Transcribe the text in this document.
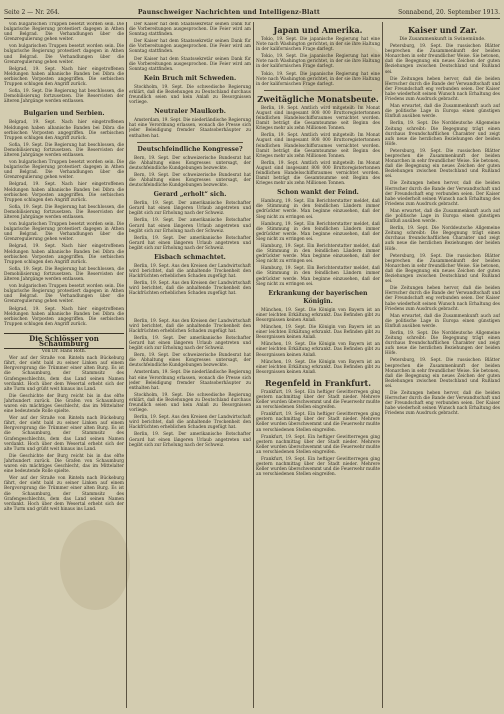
Seite 2 — Nr. 264.	Paunschweiger Nachrichten und Intelligenz-Blatt	Sonnabend, 20. September 1913.

von bulgarischen Truppen besetzt worden sein. Die bulgarische Regierung protestiert dagegen in Athen und Belgrad. Die Verhandlungen über die Grenzregulierung gehen weiter.

von bulgarischen Truppen besetzt worden sein. Die bulgarische Regierung protestiert dagegen in Athen und Belgrad. Die Verhandlungen über die Grenzregulierung gehen weiter.

Belgrad, 19. Sept. Nach hier eingetroffenen Meldungen haben albanische Banden bei Dibra die serbischen Vorposten angegriffen. Die serbischen Truppen schlugen den Angriff zurück.

Sofia, 19. Sept. Die Regierung hat beschlossen, die Demobilisierung fortzusetzen. Die Reservisten der älteren Jahrgänge werden entlassen.

Bulgarien und Serbien.

Belgrad, 19. Sept. Nach hier eingetroffenen Meldungen haben albanische Banden bei Dibra die serbischen Vorposten angegriffen. Die serbischen Truppen schlugen den Angriff zurück.

Sofia, 19. Sept. Die Regierung hat beschlossen, die Demobilisierung fortzusetzen. Die Reservisten der älteren Jahrgänge werden entlassen.

von bulgarischen Truppen besetzt worden sein. Die bulgarische Regierung protestiert dagegen in Athen und Belgrad. Die Verhandlungen über die Grenzregulierung gehen weiter.

Belgrad, 19. Sept. Nach hier eingetroffenen Meldungen haben albanische Banden bei Dibra die serbischen Vorposten angegriffen. Die serbischen Truppen schlugen den Angriff zurück.

Sofia, 19. Sept. Die Regierung hat beschlossen, die Demobilisierung fortzusetzen. Die Reservisten der älteren Jahrgänge werden entlassen.

von bulgarischen Truppen besetzt worden sein. Die bulgarische Regierung protestiert dagegen in Athen und Belgrad. Die Verhandlungen über die Grenzregulierung gehen weiter.

Belgrad, 19. Sept. Nach hier eingetroffenen Meldungen haben albanische Banden bei Dibra die serbischen Vorposten angegriffen. Die serbischen Truppen schlugen den Angriff zurück.

Sofia, 19. Sept. Die Regierung hat beschlossen, die Demobilisierung fortzusetzen. Die Reservisten der älteren Jahrgänge werden entlassen.

von bulgarischen Truppen besetzt worden sein. Die bulgarische Regierung protestiert dagegen in Athen und Belgrad. Die Verhandlungen über die Grenzregulierung gehen weiter.

Belgrad, 19. Sept. Nach hier eingetroffenen Meldungen haben albanische Banden bei Dibra die serbischen Vorposten angegriffen. Die serbischen Truppen schlugen den Angriff zurück.

Die Schlösser von Schaumburg
Von Dr. Hans Roth.

Wer auf der Straße von Rinteln nach Bückeburg fährt, der sieht bald zu seiner Linken auf einem Bergvorsprung die Trümmer einer alten Burg. Es ist die Schaumburg, der Stammsitz des Grafengeschlechts, dem das Land seinen Namen verdankt. Hoch über dem Wesertal erhebt sich der alte Turm und grüßt weit hinaus ins Land.

Die Geschichte der Burg reicht bis in das elfte Jahrhundert zurück. Die Grafen von Schaumburg waren ein mächtiges Geschlecht, das im Mittelalter eine bedeutende Rolle spielte.

Wer auf der Straße von Rinteln nach Bückeburg fährt, der sieht bald zu seiner Linken auf einem Bergvorsprung die Trümmer einer alten Burg. Es ist die Schaumburg, der Stammsitz des Grafengeschlechts, dem das Land seinen Namen verdankt. Hoch über dem Wesertal erhebt sich der alte Turm und grüßt weit hinaus ins Land.

Die Geschichte der Burg reicht bis in das elfte Jahrhundert zurück. Die Grafen von Schaumburg waren ein mächtiges Geschlecht, das im Mittelalter eine bedeutende Rolle spielte.

Wer auf der Straße von Rinteln nach Bückeburg fährt, der sieht bald zu seiner Linken auf einem Bergvorsprung die Trümmer einer alten Burg. Es ist die Schaumburg, der Stammsitz des Grafengeschlechts, dem das Land seinen Namen verdankt. Hoch über dem Wesertal erhebt sich der alte Turm und grüßt weit hinaus ins Land.

Der Kaiser hat dem Staatssekretär seinen Dank für die Vorbereitungen ausgesprochen. Die Feier wird am Sonntag stattfinden.

Der Kaiser hat dem Staatssekretär seinen Dank für die Vorbereitungen ausgesprochen. Die Feier wird am Sonntag stattfinden.

Der Kaiser hat dem Staatssekretär seinen Dank für die Vorbereitungen ausgesprochen. Die Feier wird am Sonntag stattfinden.

Kein Bruch mit Schweden.

Stockholm, 19. Sept. Die schwedische Regierung erklärt, daß die Beziehungen zu Deutschland durchaus freundlich seien und kein Anlaß zu Besorgnissen vorliege.

Neutraler Maulkorb.

Amsterdam, 19. Sept. Die niederländische Regierung hat eine Verordnung erlassen, wonach die Presse sich jeder Beleidigung fremder Staatsoberhäupter zu enthalten hat.

Deutschfeindliche Kongresse?

Bern, 19. Sept. Der schweizerische Bundesrat hat die Abhaltung eines Kongresses untersagt, der deutschfeindliche Kundgebungen bezweckte.

Bern, 19. Sept. Der schweizerische Bundesrat hat die Abhaltung eines Kongresses untersagt, der deutschfeindliche Kundgebungen bezweckte.

Gerard „erholt“ sich.

Berlin, 19. Sept. Der amerikanische Botschafter Gerard hat einen längeren Urlaub angetreten und begibt sich zur Erholung nach der Schweiz.

Berlin, 19. Sept. Der amerikanische Botschafter Gerard hat einen längeren Urlaub angetreten und begibt sich zur Erholung nach der Schweiz.

Berlin, 19. Sept. Der amerikanische Botschafter Gerard hat einen längeren Urlaub angetreten und begibt sich zur Erholung nach der Schweiz.

Eisbach schmachtet.

Berlin, 19. Sept. Aus den Kreisen der Landwirtschaft wird berichtet, daß die anhaltende Trockenheit den Hackfrüchten erheblichen Schaden zugefügt hat.

Berlin, 19. Sept. Aus den Kreisen der Landwirtschaft wird berichtet, daß die anhaltende Trockenheit den Hackfrüchten erheblichen Schaden zugefügt hat.

Berlin, 19. Sept. Aus den Kreisen der Landwirtschaft wird berichtet, daß die anhaltende Trockenheit den Hackfrüchten erheblichen Schaden zugefügt hat.

Berlin, 19. Sept. Der amerikanische Botschafter Gerard hat einen längeren Urlaub angetreten und begibt sich zur Erholung nach der Schweiz.

Bern, 19. Sept. Der schweizerische Bundesrat hat die Abhaltung eines Kongresses untersagt, der deutschfeindliche Kundgebungen bezweckte.

Amsterdam, 19. Sept. Die niederländische Regierung hat eine Verordnung erlassen, wonach die Presse sich jeder Beleidigung fremder Staatsoberhäupter zu enthalten hat.

Stockholm, 19. Sept. Die schwedische Regierung erklärt, daß die Beziehungen zu Deutschland durchaus freundlich seien und kein Anlaß zu Besorgnissen vorliege.

Berlin, 19. Sept. Aus den Kreisen der Landwirtschaft wird berichtet, daß die anhaltende Trockenheit den Hackfrüchten erheblichen Schaden zugefügt hat.

Berlin, 19. Sept. Der amerikanische Botschafter Gerard hat einen längeren Urlaub angetreten und begibt sich zur Erholung nach der Schweiz.

Japan und Amerika.

Tokio, 19. Sept. Die japanische Regierung hat eine Note nach Washington gerichtet, in der sie ihre Haltung in der kalifornischen Frage darlegt.

Tokio, 19. Sept. Die japanische Regierung hat eine Note nach Washington gerichtet, in der sie ihre Haltung in der kalifornischen Frage darlegt.

Tokio, 19. Sept. Die japanische Regierung hat eine Note nach Washington gerichtet, in der sie ihre Haltung in der kalifornischen Frage darlegt.

Zweitägliche Monatsbeute.

Berlin, 19. Sept. Amtlich wird mitgeteilt: Im Monat August sind insgesamt 808 000 Bruttoregistertonnen feindlichen Handelsschiffsraumes vernichtet worden. Damit beträgt die Gesamtsumme seit Beginn des Krieges mehr als zehn Millionen Tonnen.

Berlin, 19. Sept. Amtlich wird mitgeteilt: Im Monat August sind insgesamt 808 000 Bruttoregistertonnen feindlichen Handelsschiffsraumes vernichtet worden. Damit beträgt die Gesamtsumme seit Beginn des Krieges mehr als zehn Millionen Tonnen.

Berlin, 19. Sept. Amtlich wird mitgeteilt: Im Monat August sind insgesamt 808 000 Bruttoregistertonnen feindlichen Handelsschiffsraumes vernichtet worden. Damit beträgt die Gesamtsumme seit Beginn des Krieges mehr als zehn Millionen Tonnen.

Schon wankt der Feind.

Hamburg, 19. Sept. Ein Berichterstatter meldet, daß die Stimmung in den feindlichen Ländern immer gedrückter werde. Man beginne einzusehen, daß der Sieg nicht zu erringen sei.

Hamburg, 19. Sept. Ein Berichterstatter meldet, daß die Stimmung in den feindlichen Ländern immer gedrückter werde. Man beginne einzusehen, daß der Sieg nicht zu erringen sei.

Hamburg, 19. Sept. Ein Berichterstatter meldet, daß die Stimmung in den feindlichen Ländern immer gedrückter werde. Man beginne einzusehen, daß der Sieg nicht zu erringen sei.

Hamburg, 19. Sept. Ein Berichterstatter meldet, daß die Stimmung in den feindlichen Ländern immer gedrückter werde. Man beginne einzusehen, daß der Sieg nicht zu erringen sei.

Erkrankung der bayerischen Königin.

München, 19. Sept. Die Königin von Bayern ist an einer leichten Erkältung erkrankt. Das Befinden gibt zu Besorgnissen keinen Anlaß.

München, 19. Sept. Die Königin von Bayern ist an einer leichten Erkältung erkrankt. Das Befinden gibt zu Besorgnissen keinen Anlaß.

München, 19. Sept. Die Königin von Bayern ist an einer leichten Erkältung erkrankt. Das Befinden gibt zu Besorgnissen keinen Anlaß.

München, 19. Sept. Die Königin von Bayern ist an einer leichten Erkältung erkrankt. Das Befinden gibt zu Besorgnissen keinen Anlaß.

Regenfeld in Frankfurt.

Frankfurt, 19. Sept. Ein heftiger Gewitterregen ging gestern nachmittag über der Stadt nieder. Mehrere Keller wurden überschwemmt und die Feuerwehr mußte an verschiedenen Stellen eingreifen.

Frankfurt, 19. Sept. Ein heftiger Gewitterregen ging gestern nachmittag über der Stadt nieder. Mehrere Keller wurden überschwemmt und die Feuerwehr mußte an verschiedenen Stellen eingreifen.

Frankfurt, 19. Sept. Ein heftiger Gewitterregen ging gestern nachmittag über der Stadt nieder. Mehrere Keller wurden überschwemmt und die Feuerwehr mußte an verschiedenen Stellen eingreifen.

Frankfurt, 19. Sept. Ein heftiger Gewitterregen ging gestern nachmittag über der Stadt nieder. Mehrere Keller wurden überschwemmt und die Feuerwehr mußte an verschiedenen Stellen eingreifen.

Kaiser und Zar.
Die Zusammenkunft in Swinemünde.

Petersburg, 19. Sept. Die russischen Blätter besprechen die Zusammenkunft der beiden Monarchen in sehr freundlicher Weise. Sie betonen, daß die Begegnung ein neues Zeichen der guten Beziehungen zwischen Deutschland und Rußland sei.

Die Zeitungen heben hervor, daß die beiden Herrscher durch die Bande der Verwandtschaft und der Freundschaft eng verbunden seien. Der Kaiser habe wiederholt seinen Wunsch nach Erhaltung des Friedens zum Ausdruck gebracht.

Man erwartet, daß die Zusammenkunft auch auf die politische Lage in Europa einen günstigen Einfluß ausüben werde.

Berlin, 19. Sept. Die Norddeutsche Allgemeine Zeitung schreibt: Die Begegnung trägt einen durchaus freundschaftlichen Charakter und zeigt aufs neue die herzlichen Beziehungen der beiden Höfe.

Petersburg, 19. Sept. Die russischen Blätter besprechen die Zusammenkunft der beiden Monarchen in sehr freundlicher Weise. Sie betonen, daß die Begegnung ein neues Zeichen der guten Beziehungen zwischen Deutschland und Rußland sei.

Die Zeitungen heben hervor, daß die beiden Herrscher durch die Bande der Verwandtschaft und der Freundschaft eng verbunden seien. Der Kaiser habe wiederholt seinen Wunsch nach Erhaltung des Friedens zum Ausdruck gebracht.

Man erwartet, daß die Zusammenkunft auch auf die politische Lage in Europa einen günstigen Einfluß ausüben werde.

Berlin, 19. Sept. Die Norddeutsche Allgemeine Zeitung schreibt: Die Begegnung trägt einen durchaus freundschaftlichen Charakter und zeigt aufs neue die herzlichen Beziehungen der beiden Höfe.

Petersburg, 19. Sept. Die russischen Blätter besprechen die Zusammenkunft der beiden Monarchen in sehr freundlicher Weise. Sie betonen, daß die Begegnung ein neues Zeichen der guten Beziehungen zwischen Deutschland und Rußland sei.

Die Zeitungen heben hervor, daß die beiden Herrscher durch die Bande der Verwandtschaft und der Freundschaft eng verbunden seien. Der Kaiser habe wiederholt seinen Wunsch nach Erhaltung des Friedens zum Ausdruck gebracht.

Man erwartet, daß die Zusammenkunft auch auf die politische Lage in Europa einen günstigen Einfluß ausüben werde.

Berlin, 19. Sept. Die Norddeutsche Allgemeine Zeitung schreibt: Die Begegnung trägt einen durchaus freundschaftlichen Charakter und zeigt aufs neue die herzlichen Beziehungen der beiden Höfe.

Petersburg, 19. Sept. Die russischen Blätter besprechen die Zusammenkunft der beiden Monarchen in sehr freundlicher Weise. Sie betonen, daß die Begegnung ein neues Zeichen der guten Beziehungen zwischen Deutschland und Rußland sei.

Die Zeitungen heben hervor, daß die beiden Herrscher durch die Bande der Verwandtschaft und der Freundschaft eng verbunden seien. Der Kaiser habe wiederholt seinen Wunsch nach Erhaltung des Friedens zum Ausdruck gebracht.
